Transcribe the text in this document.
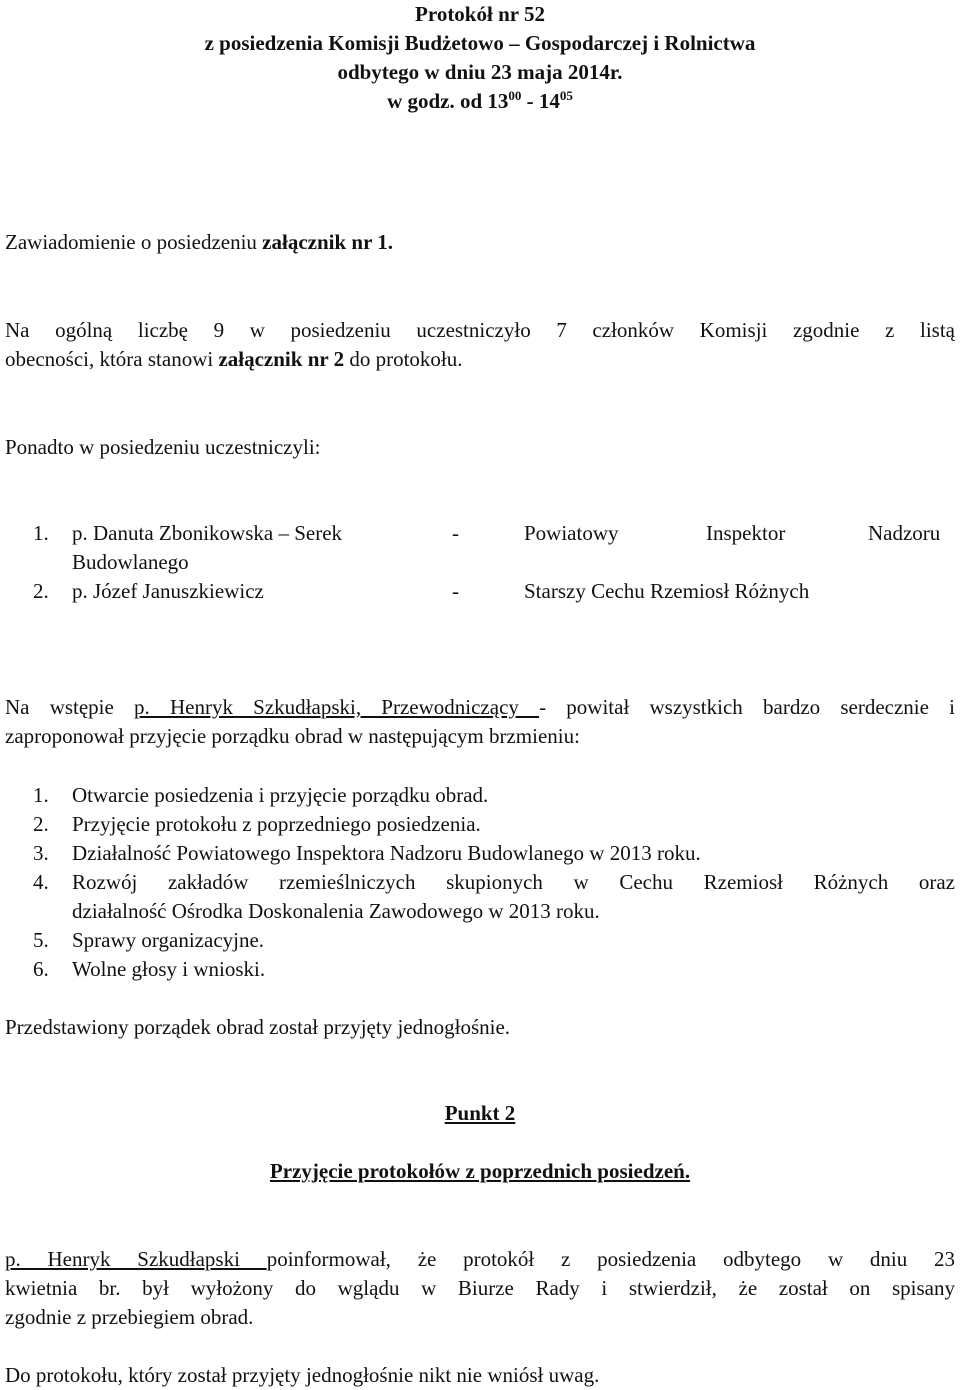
Protokół nr 52
z posiedzenia Komisji Budżetowo – Gospodarczej i Rolnictwa
odbytego w dniu 23 maja 2014r.
w godz. od $13^{00} - 14^{05}$
Zawiadomienie o posiedzeniu załącznik nr 1.
Na ogólną liczbę 9 w posiedzeniu uczestniczyło 7 członków Komisji zgodnie z listą
obecności, która stanowi załącznik nr 2 do protokołu.
Ponadto w posiedzeniu uczestniczyli:
1. p. Danuta Zbonikowska – Serek	-	Powiatowy	Inspektor	Nadzoru
Budowlanego
2. p. Józef Januszkiewicz	-	Starszy Cechu Rzemiosł Różnych
Na wstępie p. Henryk Szkudłapski, Przewodniczący - powitał wszystkich bardzo serdecznie i
zaproponował przyjęcie porządku obrad w następującym brzmieniu:
1. Otwarcie posiedzenia i przyjęcie porządku obrad.
2. Przyjęcie protokołu z poprzedniego posiedzenia.
3. Działalność Powiatowego Inspektora Nadzoru Budowlanego w 2013 roku.
4. Rozwój zakładów rzemieślniczych skupionych w Cechu Rzemiosł Różnych oraz
działalność Ośrodka Doskonalenia Zawodowego w 2013 roku.
5. Sprawy organizacyjne.
6. Wolne głosy i wnioski.
Przedstawiony porządek obrad został przyjęty jednogłośnie.
Punkt 2
Przyjęcie protokołów z poprzednich posiedzeń.
p. Henryk Szkudłapski poinformował, że protokół z posiedzenia odbytego w dniu 23
kwietnia br. był wyłożony do wglądu w Biurze Rady i stwierdził, że został on spisany
zgodnie z przebiegiem obrad.
Do protokołu, który został przyjęty jednogłośnie nikt nie wniósł uwag.
